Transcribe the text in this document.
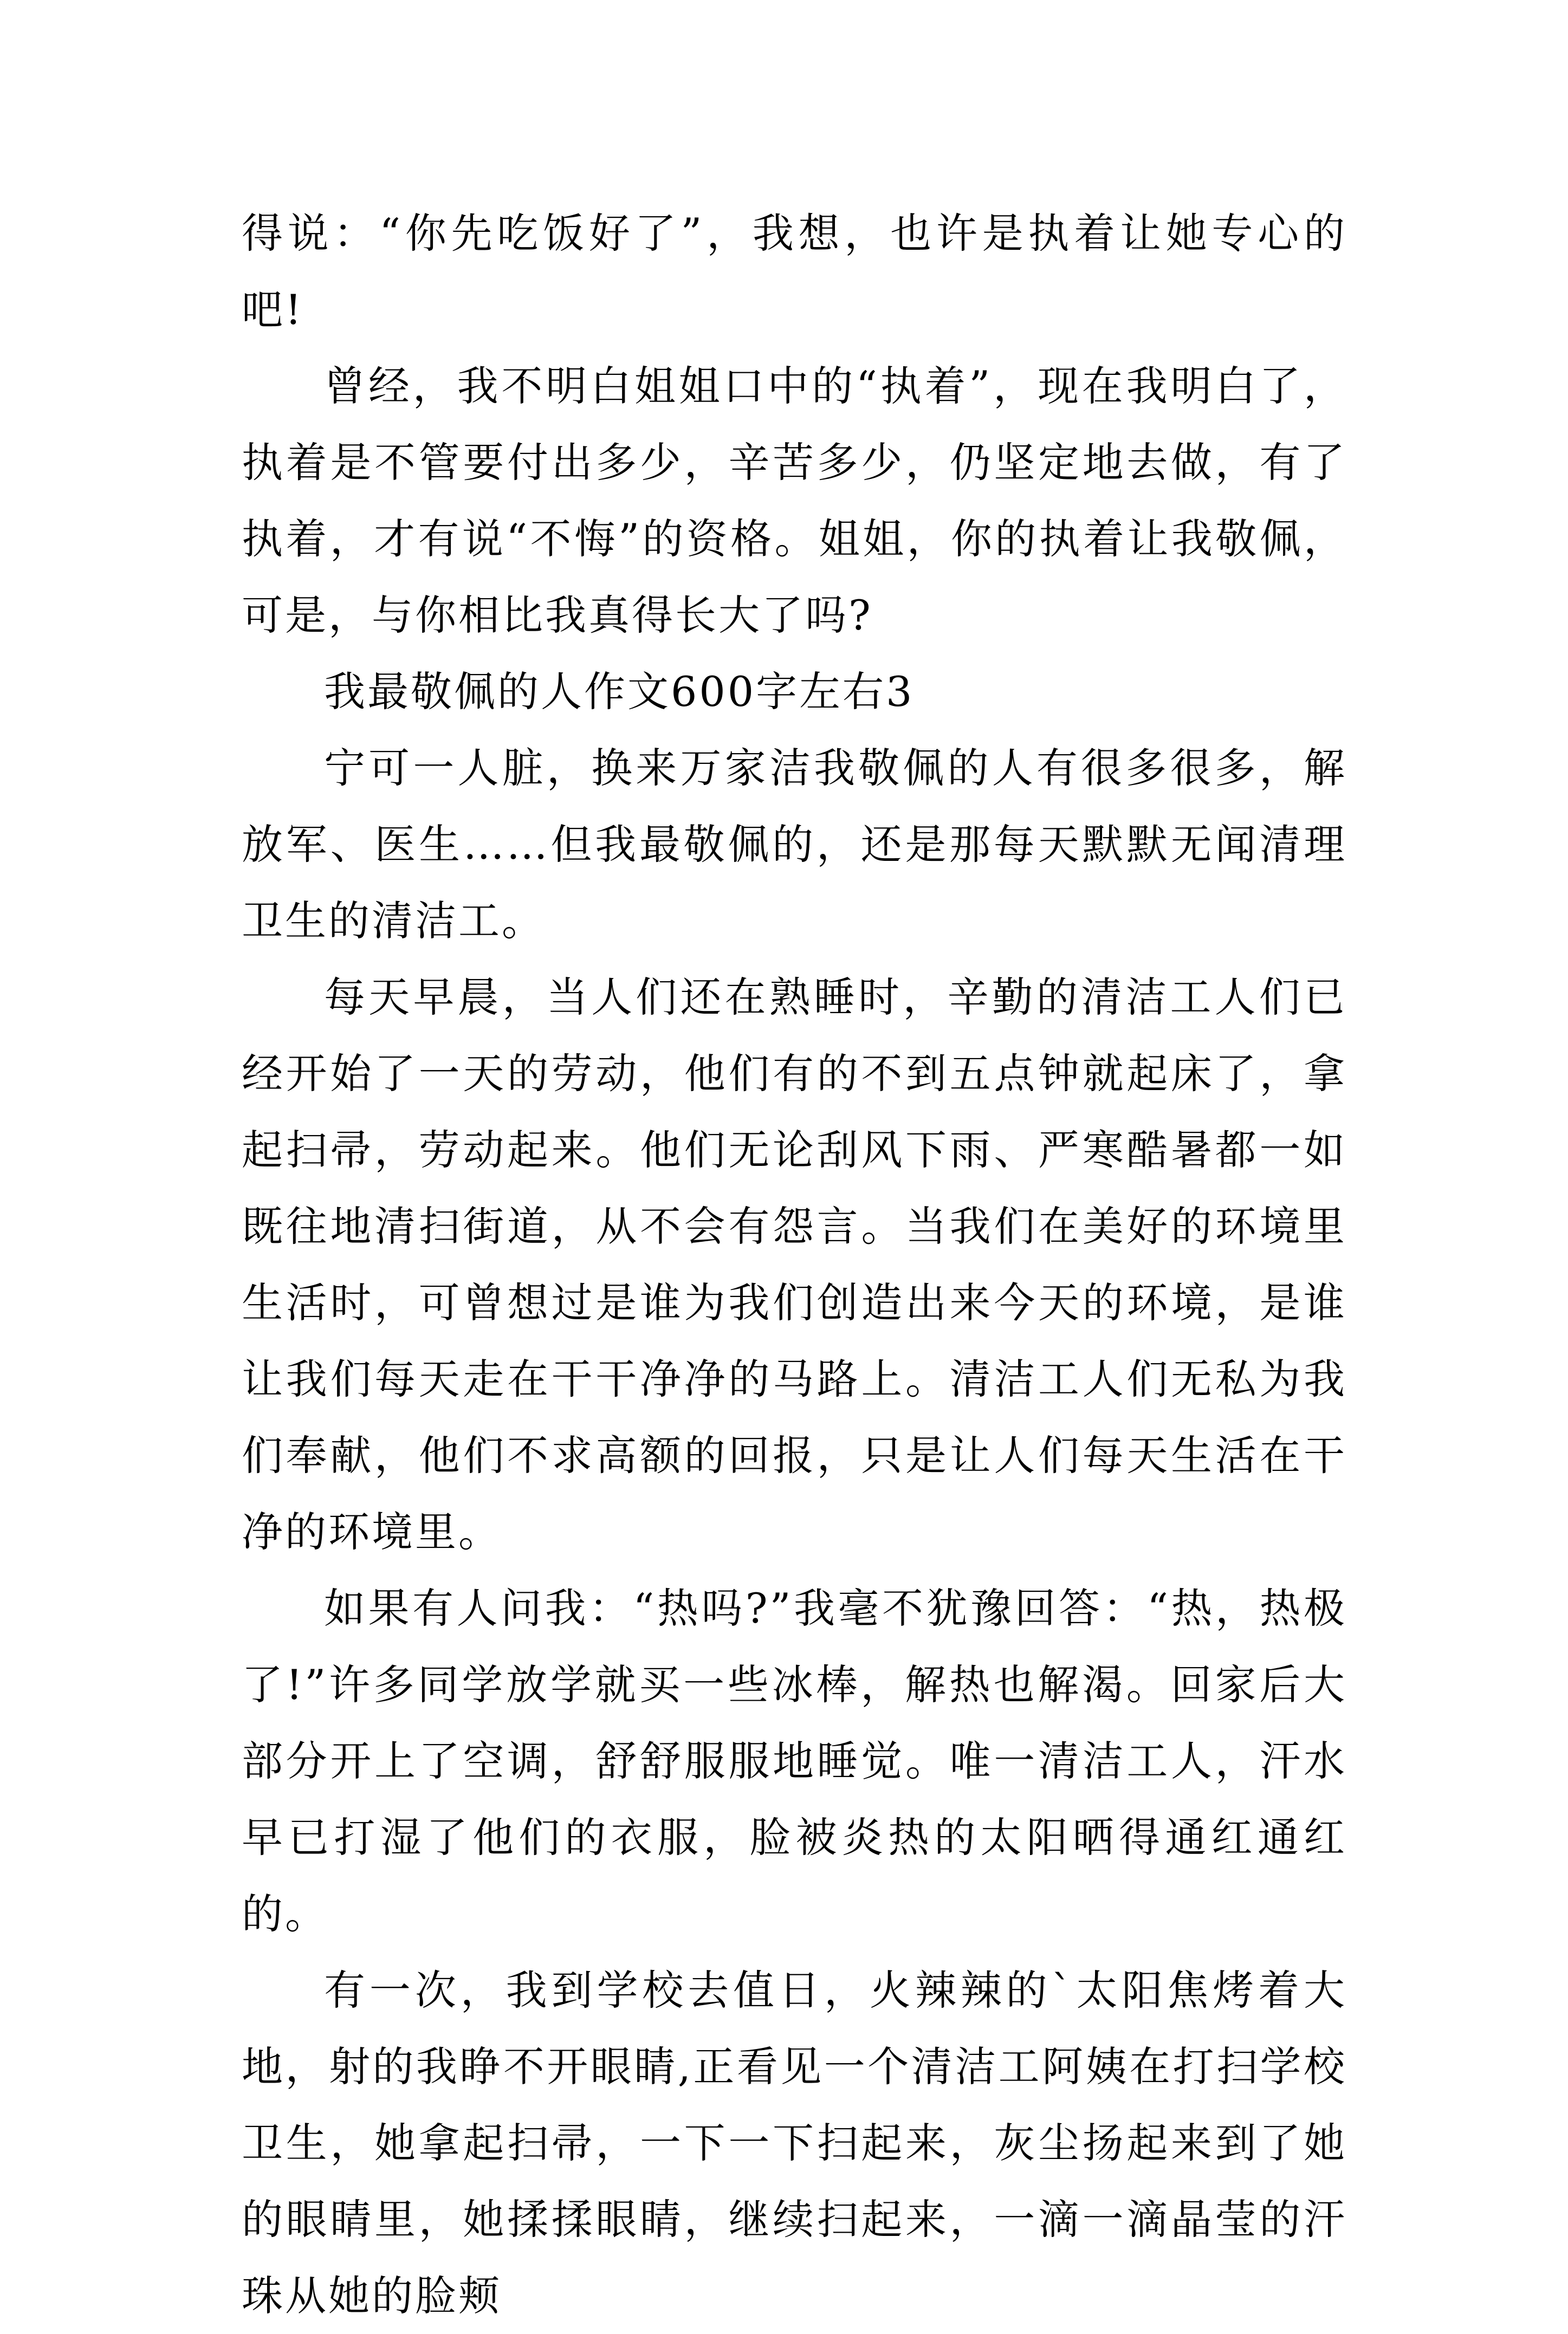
得说：“你先吃饭好了”，我想，也许是执着让她专心的吧!

曾经，我不明白姐姐口中的“执着”，现在我明白了，执着是不管要付出多少，辛苦多少，仍坚定地去做，有了执着，才有说“不悔”的资格。姐姐，你的执着让我敬佩，可是，与你相比我真得长大了吗?

我最敬佩的人作文600字左右3

宁可一人脏，换来万家洁我敬佩的人有很多很多，解放军、医生……但我最敬佩的，还是那每天默默无闻清理卫生的清洁工。

每天早晨，当人们还在熟睡时，辛勤的清洁工人们已经开始了一天的劳动，他们有的不到五点钟就起床了，拿起扫帚，劳动起来。他们无论刮风下雨、严寒酷暑都一如既往地清扫街道，从不会有怨言。当我们在美好的环境里生活时，可曾想过是谁为我们创造出来今天的环境，是谁让我们每天走在干干净净的马路上。清洁工人们无私为我们奉献，他们不求高额的回报，只是让人们每天生活在干净的环境里。

如果有人问我：“热吗?”我毫不犹豫回答：“热，热极了!”许多同学放学就买一些冰棒，解热也解渴。回家后大部分开上了空调，舒舒服服地睡觉。唯一清洁工人，汗水早已打湿了他们的衣服，脸被炎热的太阳晒得通红通红的。

有一次，我到学校去值日，火辣辣的`太阳焦烤着大地，射的我睁不开眼睛,正看见一个清洁工阿姨在打扫学校卫生，她拿起扫帚，一下一下扫起来，灰尘扬起来到了她的眼睛里，她揉揉眼睛，继续扫起来，一滴一滴晶莹的汗珠从她的脸颊
